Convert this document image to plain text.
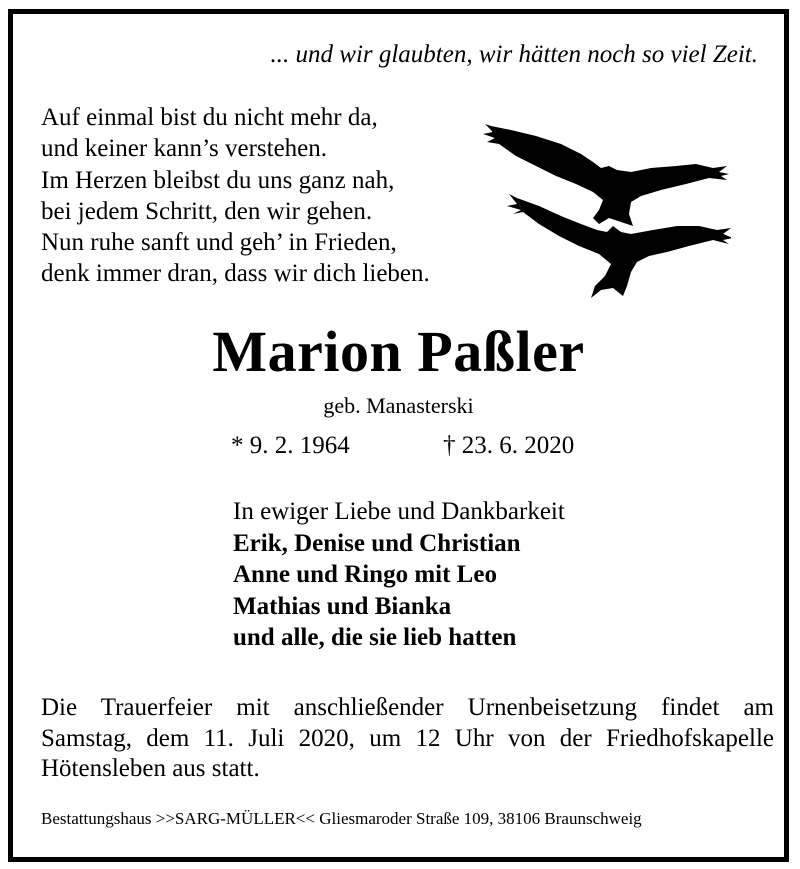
... und wir glaubten, wir hätten noch so viel Zeit.
Auf einmal bist du nicht mehr da,
und keiner kann’s verstehen.
Im Herzen bleibst du uns ganz nah,
bei jedem Schritt, den wir gehen.
Nun ruhe sanft und geh’ in Frieden,
denk immer dran, dass wir dich lieben.
Marion Paßler
geb. Manasterski
* 9. 2. 1964	† 23. 6. 2020
In ewiger Liebe und Dankbarkeit
Erik, Denise und Christian
Anne und Ringo mit Leo
Mathias und Bianka
und alle, die sie lieb hatten
Die Trauerfeier mit anschließender Urnenbeisetzung findet am
Samstag, dem 11. Juli 2020, um 12 Uhr von der Friedhofskapelle
Hötensleben aus statt.
Bestattungshaus >>SARG-MÜLLER<< Gliesmaroder Straße 109, 38106 Braunschweig
